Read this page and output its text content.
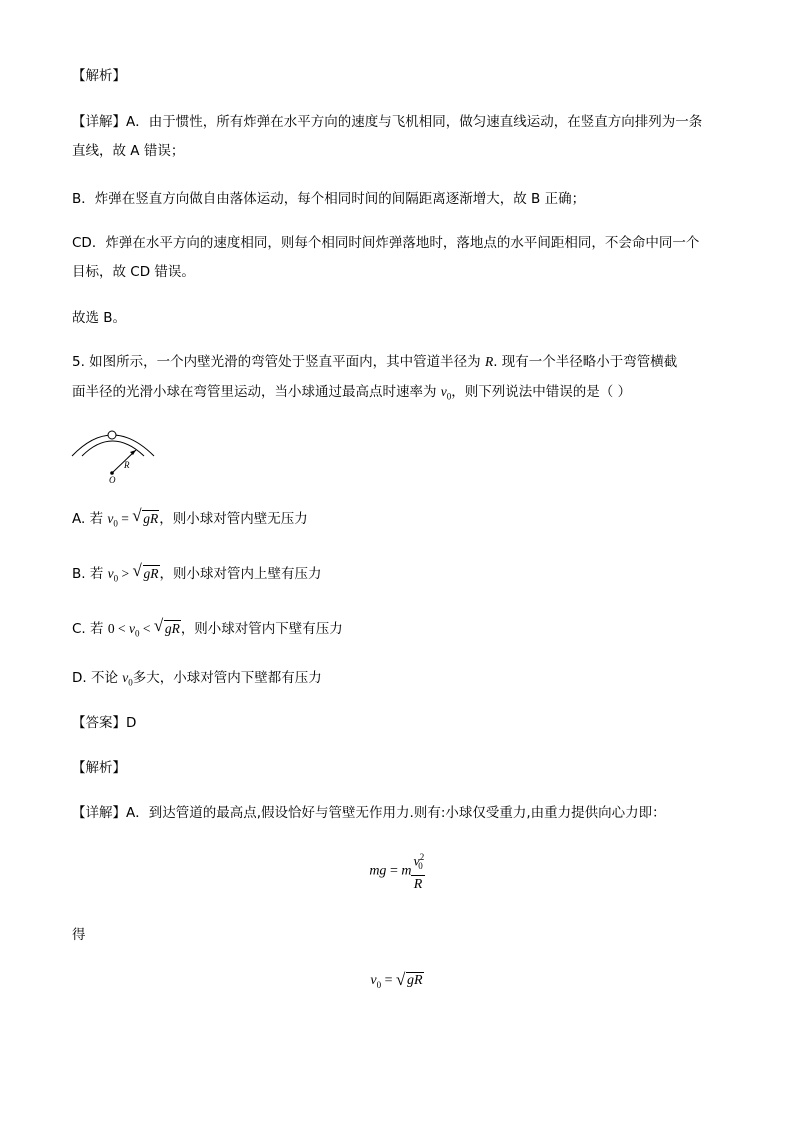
【解析】
【详解】A．由于惯性，所有炸弹在水平方向的速度与飞机相同，做匀速直线运动，在竖直方向排列为一条
直线，故 A 错误；
B．炸弹在竖直方向做自由落体运动，每个相同时间的间隔距离逐渐增大，故 B 正确；
CD．炸弹在水平方向的速度相同，则每个相同时间炸弹落地时，落地点的水平间距相同，不会命中同一个
目标，故 CD 错误。
故选 B。
5. 如图所示，一个内壁光滑的弯管处于竖直平面内，其中管道半径为 R. 现有一个半径略小于弯管横截
面半径的光滑小球在弯管里运动，当小球通过最高点时速率为 $v_0$，则下列说法中错误的是（ ）
R
O
A. 若 $v_0$ = √ gR，则小球对管内壁无压力
B. 若 $v_0$ > √ gR，则小球对管内上壁有压力
C. 若 $0 < v_0$ < √ gR，则小球对管内下壁有压力
D. 不论 $v_0$多大，小球对管内下壁都有压力
【答案】D
【解析】
【详解】A．到达管道的最高点,假设恰好与管壁无作用力.则有:小球仅受重力,由重力提供向心力即：
mg = m $\frac{v^2_0}{R}$
得
$v_0$ = √ gR
